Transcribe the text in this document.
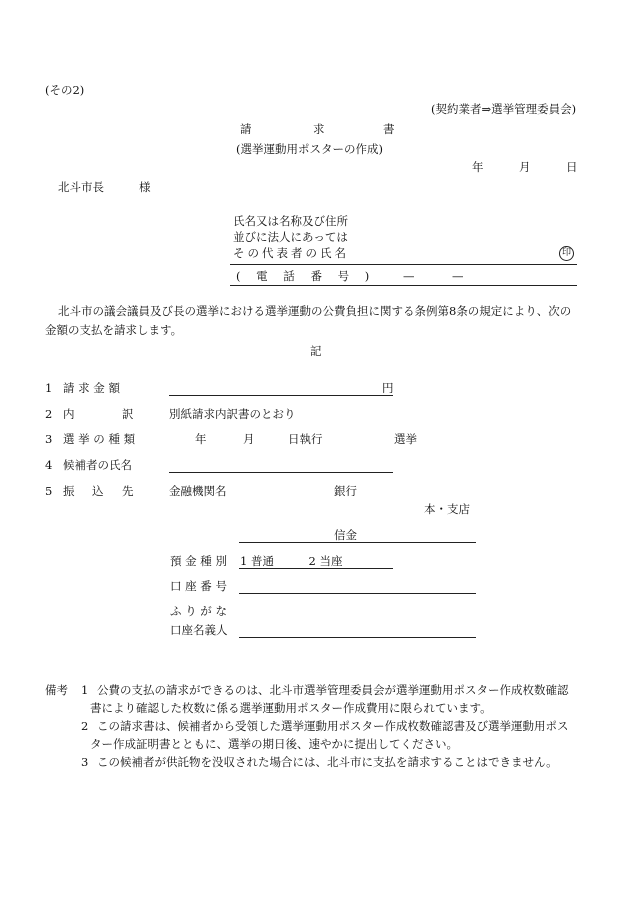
(その2)
(契約業者⇒選挙管理委員会)
請	求	書
(選挙運動用ポスターの作成)
年	月	日
北斗市長	様
氏名又は名称及び住所
並びに法人にあっては
その代表者の氏名	印
( 電 話 番 号 ) —	—
北斗市の議会議員及び長の選挙における選挙運動の公費負担に関する条例第8条の規定により、次の
金額の支払を請求します。
記
1 請 求 金 額	円
2 内	訳	別紙請求内訳書のとおり
3 選 挙 の 種 類	年	月	日執行	選挙
4 候補者の氏名
5 振 込 先	金融機関名	銀行
本・支店
信金
預 金 種 別 1 普通　　　2 当座
口 座 番 号
ふ り が な
口座名義人
備考 1 公費の支払の請求ができるのは、北斗市選挙管理委員会が選挙運動用ポスター作成枚数確認
書により確認した枚数に係る選挙運動用ポスター作成費用に限られています。
2 この請求書は、候補者から受領した選挙運動用ポスター作成枚数確認書及び選挙運動用ポス
ター作成証明書とともに、選挙の期日後、速やかに提出してください。
3 この候補者が供託物を没収された場合には、北斗市に支払を請求することはできません。
